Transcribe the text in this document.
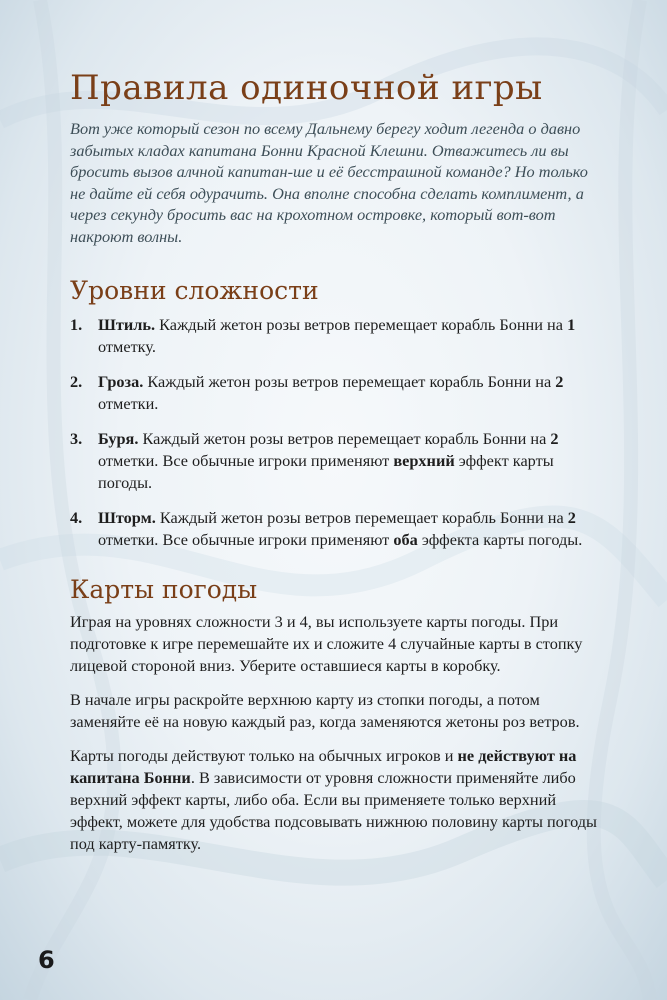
Правила одиночной игры

Вот уже который сезон по всему Дальнему берегу ходит легенда о давно забытых кладах капитана Бонни Красной Клешни. Отважитесь ли вы бросить вызов алчной капитан-ше и её бесстрашной команде? Но только не дайте ей себя одурачить. Она вполне способна сделать комплимент, а через секунду бросить вас на крохотном островке, который вот-вот накроют волны.

Уровни сложности
1. Штиль. Каждый жетон розы ветров перемещает корабль Бонни на 1 отметку.
2. Гроза. Каждый жетон розы ветров перемещает корабль Бонни на 2 отметки.
3. Буря. Каждый жетон розы ветров перемещает корабль Бонни на 2 отметки. Все обычные игроки применяют верхний эффект карты погоды.
4. Шторм. Каждый жетон розы ветров перемещает корабль Бонни на 2 отметки. Все обычные игроки применяют оба эффекта карты погоды.
Карты погоды

Играя на уровнях сложности 3 и 4, вы используете карты погоды. При подготовке к игре перемешайте их и сложите 4 случайные карты в стопку лицевой стороной вниз. Уберите оставшиеся карты в коробку.

В начале игры раскройте верхнюю карту из стопки погоды, а потом заменяйте её на новую каждый раз, когда заменяются жетоны роз ветров.

Карты погоды действуют только на обычных игроков и не действуют на капитана Бонни. В зависимости от уровня сложности применяйте либо верхний эффект карты, либо оба. Если вы применяете только верхний эффект, можете для удобства подсовывать нижнюю половину карты погоды под карту-памятку.

6
